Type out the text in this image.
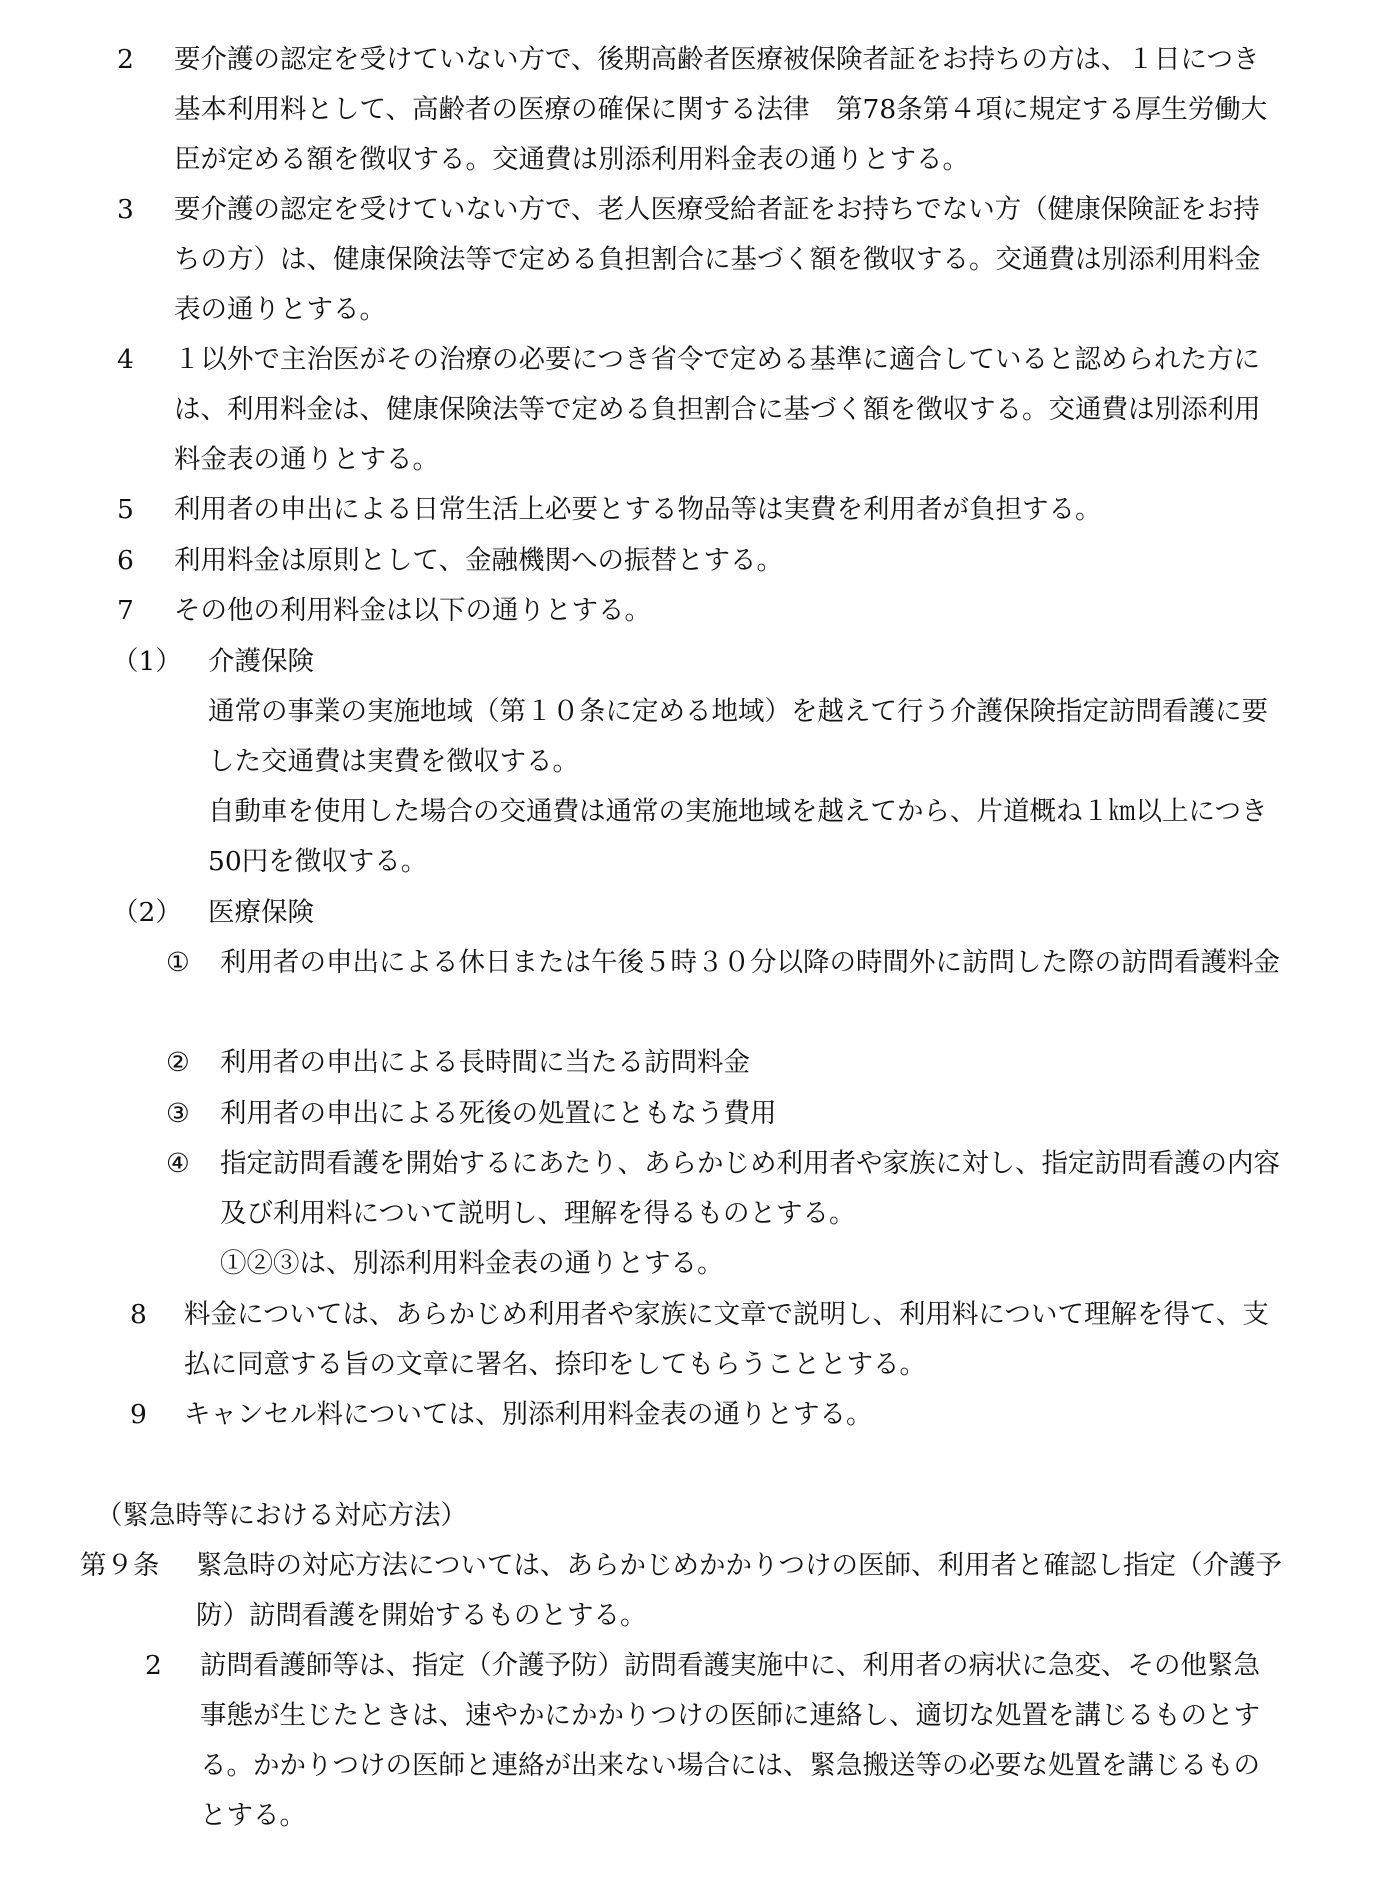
2	要介護の認定を受けていない方で、後期高齢者医療被保険者証をお持ちの方は、１日につき基本利用料として、高齢者の医療の確保に関する法律　第78条第４項に規定する厚生労働大臣が定める額を徴収する。交通費は別添利用料金表の通りとする。
3	要介護の認定を受けていない方で、老人医療受給者証をお持ちでない方（健康保険証をお持ちの方）は、健康保険法等で定める負担割合に基づく額を徴収する。交通費は別添利用料金表の通りとする。
4	１以外で主治医がその治療の必要につき省令で定める基準に適合していると認められた方には、利用料金は、健康保険法等で定める負担割合に基づく額を徴収する。交通費は別添利用料金表の通りとする。
5	利用者の申出による日常生活上必要とする物品等は実費を利用者が負担する。
6	利用料金は原則として、金融機関への振替とする。
7	その他の利用料金は以下の通りとする。
（1） 介護保険
通常の事業の実施地域（第１０条に定める地域）を越えて行う介護保険指定訪問看護に要した交通費は実費を徴収する。
自動車を使用した場合の交通費は通常の実施地域を越えてから、片道概ね１㎞以上につき50円を徴収する。
（2） 医療保険
①	利用者の申出による休日または午後５時３０分以降の時間外に訪問した際の訪問看護料金
②	利用者の申出による長時間に当たる訪問料金
③	利用者の申出による死後の処置にともなう費用
④	指定訪問看護を開始するにあたり、あらかじめ利用者や家族に対し、指定訪問看護の内容及び利用料について説明し、理解を得るものとする。
①②③は、別添利用料金表の通りとする。
8	料金については、あらかじめ利用者や家族に文章で説明し、利用料について理解を得て、支払に同意する旨の文章に署名、捺印をしてもらうこととする。
9	キャンセル料については、別添利用料金表の通りとする。
（緊急時等における対応方法）
第９条	緊急時の対応方法については、あらかじめかかりつけの医師、利用者と確認し指定（介護予防）訪問看護を開始するものとする。
2	訪問看護師等は、指定（介護予防）訪問看護実施中に、利用者の病状に急変、その他緊急事態が生じたときは、速やかにかかりつけの医師に連絡し、適切な処置を講じるものとする。かかりつけの医師と連絡が出来ない場合には、緊急搬送等の必要な処置を講じるものとする。
